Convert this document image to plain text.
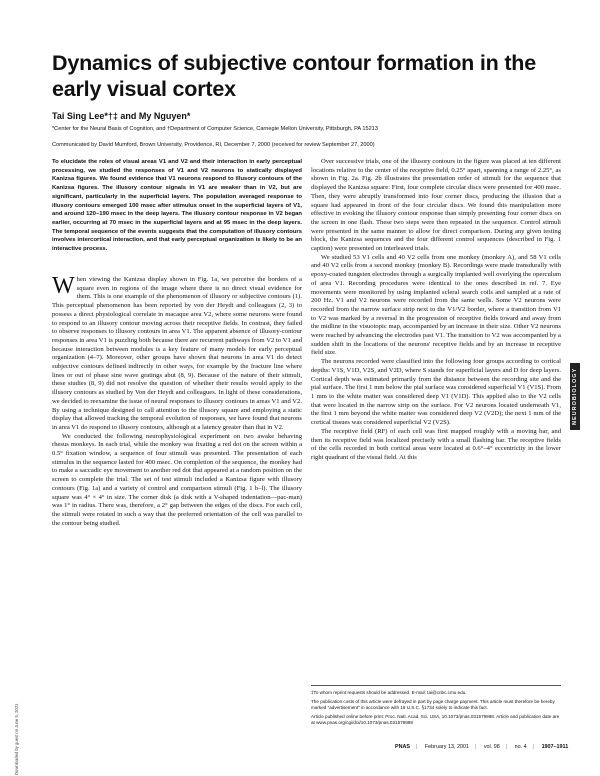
Dynamics of subjective contour formation in the early visual cortex
Tai Sing Lee*†‡ and My Nguyen*
*Center for the Neural Basis of Cognition, and †Department of Computer Science, Carnegie Mellon University, Pittsburgh, PA 15213
Communicated by David Mumford, Brown University, Providence, RI, December 7, 2000 (received for review September 27, 2000)

To elucidate the roles of visual areas V1 and V2 and their interaction in early perceptual processing, we studied the responses of V1 and V2 neurons to statically displayed Kanizsa figures. We found evidence that V1 neurons respond to illusory contours of the Kanizsa figures. The illusory contour signals in V1 are weaker than in V2, but are significant, particularly in the superficial layers. The population averaged response to illusory contours emerged 100 msec after stimulus onset in the superficial layers of V1, and around 120–190 msec in the deep layers. The illusory contour response in V2 began earlier, occurring at 70 msec in the superficial layers and at 95 msec in the deep layers. The temporal sequence of the events suggests that the computation of illusory contours involves intercortical interaction, and that early perceptual organization is likely to be an interactive process.

When viewing the Kanizsa display shown in Fig. 1a, we perceive the borders of a square even in regions of the image where there is no direct visual evidence for them. This is one example of the phenomenon of illusory or subjective contours (1). This perceptual phenomenon has been reported by von der Heydt and colleagues (2, 3) to possess a direct physiological correlate in macaque area V2, where some neurons were found to respond to an illusory contour moving across their receptive fields. In contrast, they failed to observe responses to illusory contours in area V1. The apparent absence of illusory-contour responses in area V1 is puzzling both because there are recurrent pathways from V2 to V1 and because interaction between modules is a key feature of many models for early perceptual organization (4–7). Moreover, other groups have shown that neurons in area V1 do detect subjective contours defined indirectly in other ways, for example by the fracture line where lines or out of phase sine wave gratings abut (8, 9). Because of the nature of their stimuli, these studies (8, 9) did not resolve the question of whether their results would apply to the illusory contours as studied by Von der Heydt and colleagues. In light of these considerations, we decided to reexamine the issue of neural responses to illusory contours in areas V1 and V2. By using a technique designed to call attention to the illusory square and employing a static display that allowed tracking the temporal evolution of responses, we have found that neurons in area V1 do respond to illusory contours, although at a latency greater than that in V2.

We conducted the following neurophysiological experiment on two awake behaving rhesus monkeys. In each trial, while the monkey was fixating a red dot on the screen within a 0.5° fixation window, a sequence of four stimuli was presented. The presentation of each stimulus in the sequence lasted for 400 msec. On completion of the sequence, the monkey had to make a saccadic eye movement to another red dot that appeared at a random position on the screen to complete the trial. The set of test stimuli included a Kanizsa figure with illusory contours (Fig. 1a) and a variety of control and comparison stimuli (Fig. 1 b–l). The illusory square was 4° × 4° in size. The corner disk (a disk with a V-shaped indentation—pac-man) was 1° in radius. There was, therefore, a 2° gap between the edges of the discs. For each cell, the stimuli were rotated in such a way that the preferred orientation of the cell was parallel to the contour being studied.

Over successive trials, one of the illusory contours in the figure was placed at ten different locations relative to the center of the receptive field, 0.25° apart, spanning a range of 2.25°, as shown in Fig. 2a. Fig. 2b illustrates the presentation order of stimuli for the sequence that displayed the Kanizsa square: First, four complete circular discs were presented for 400 msec. Then, they were abruptly transformed into four corner discs, producing the illusion that a square had appeared in front of the four circular discs. We found this manipulation more effective in evoking the illusory contour response than simply presenting four corner discs on the screen in one flash. These two steps were then repeated in the sequence. Control stimuli were presented in the same manner to allow for direct comparison. During any given testing block, the Kanizsa sequences and the four different control sequences (described in Fig. 1 caption) were presented on interleaved trials.

We studied 53 V1 cells and 40 V2 cells from one monkey (monkey A), and 58 V1 cells and 40 V2 cells from a second monkey (monkey B). Recordings were made transdurally with epoxy-coated tungsten electrodes through a surgically implanted well overlying the operculum of area V1. Recording procedures were identical to the ones described in ref. 7. Eye movements were monitored by using implanted scleral search coils and sampled at a rate of 200 Hz. V1 and V2 neurons were recorded from the same wells. Some V2 neurons were recorded from the narrow surface strip next to the V1/V2 border, where a transition from V1 to V2 was marked by a reversal in the progression of receptive fields toward and away from the midline in the visuotopic map, accompanied by an increase in their size. Other V2 neurons were reached by advancing the electrodes past V1. The transition to V2 was accompanied by a sudden shift in the locations of the neurons' receptive fields and by an increase in receptive field size.

The neurons recorded were classified into the following four groups according to cortical depths: V1S, V1D, V2S, and V2D, where S stands for superficial layers and D for deep layers. Cortical depth was estimated primarily from the distance between the recording site and the pial surface. The first 1 mm below the pial surface was considered superficial V1 (V1S). From 1 mm to the white matter was considered deep V1 (V1D). This applied also to the V2 cells that were located in the narrow strip on the surface. For V2 neurons located underneath V1, the first 1 mm beyond the white matter was considered deep V2 (V2D); the next 1 mm of the cortical tissues was considered superficial V2 (V2S).

The receptive field (RF) of each cell was first mapped roughly with a moving bar, and then its receptive field was localized precisely with a small flashing bar. The receptive fields of the cells recorded in both cortical areas were located at 0.6°–4° eccentricity in the lower right quadrant of the visual field. At this

NEUROBIOLOGY

‡To whom reprint requests should be addressed. E-mail: tai@cnbc.cmu.edu.

The publication costs of this article were defrayed in part by page charge payment. This article must therefore be hereby marked "advertisement" in accordance with 18 U.S.C. §1734 solely to indicate this fact.

Article published online before print: Proc. Natl. Acad. Sci. USA, 10.1073/pnas.031579998. Article and publication date are at www.pnas.org/cgi/doi/10.1073/pnas.031579998

PNAS | February 13, 2001 | vol. 98 | no. 4 | 1907–1911
Downloaded by guest on June 5, 2021
